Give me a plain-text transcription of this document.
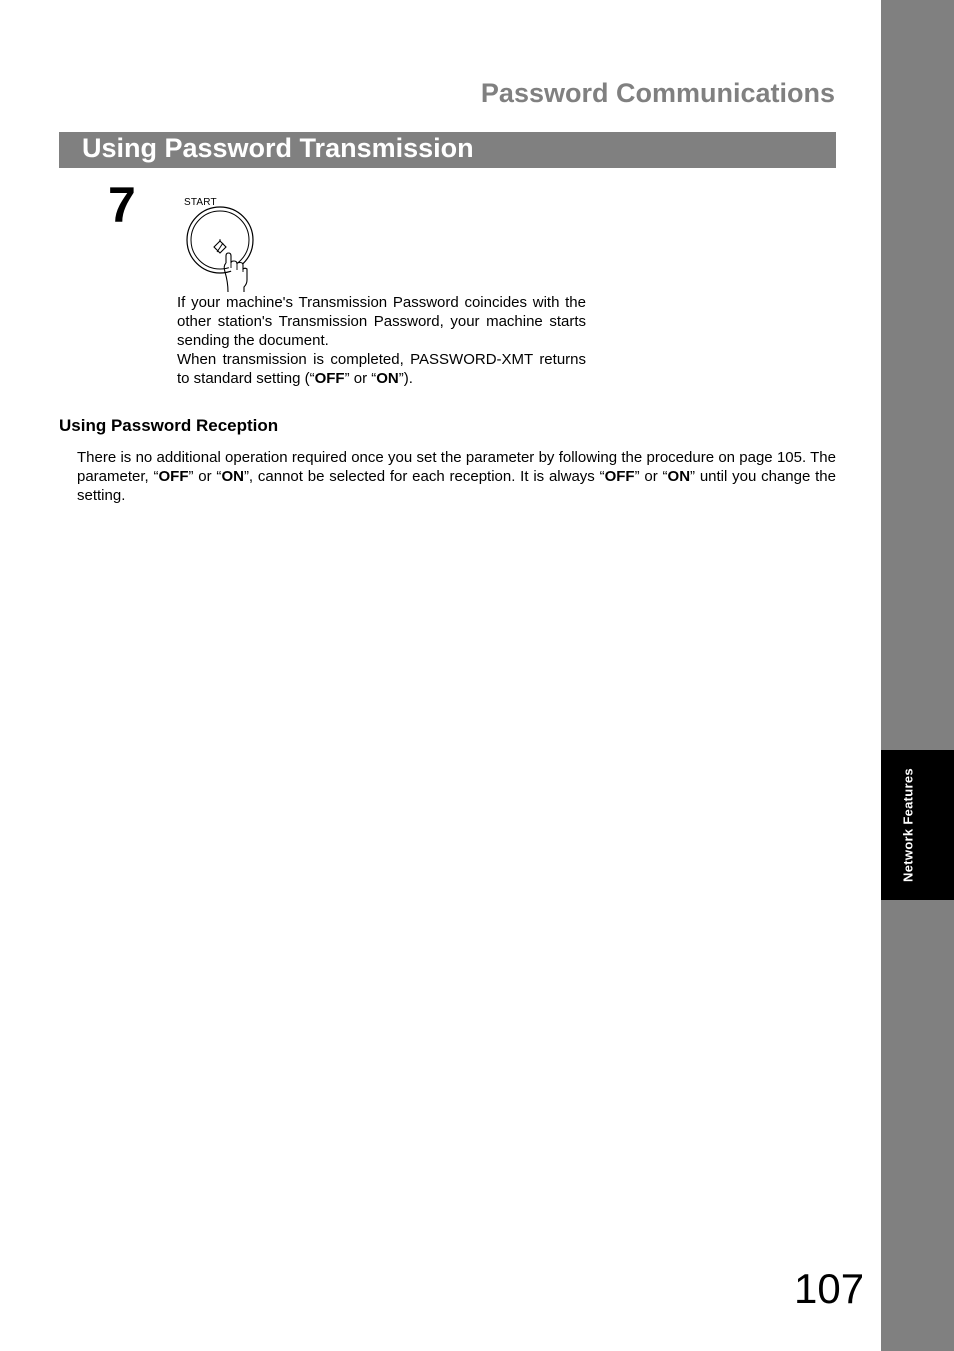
Network Features
Password Communications
Using Password Transmission
7	START

If your machine's Transmission Password coincides with the other station's Transmission Password, your machine starts sending the document.

When transmission is completed, PASSWORD-XMT returns to standard setting (“OFF” or “ON”).

Using Password Reception

There is no additional operation required once you set the parameter by following the procedure on page 105. The parameter, “OFF” or “ON”, cannot be selected for each reception. It is always “OFF” or “ON” until you change the setting.

107
